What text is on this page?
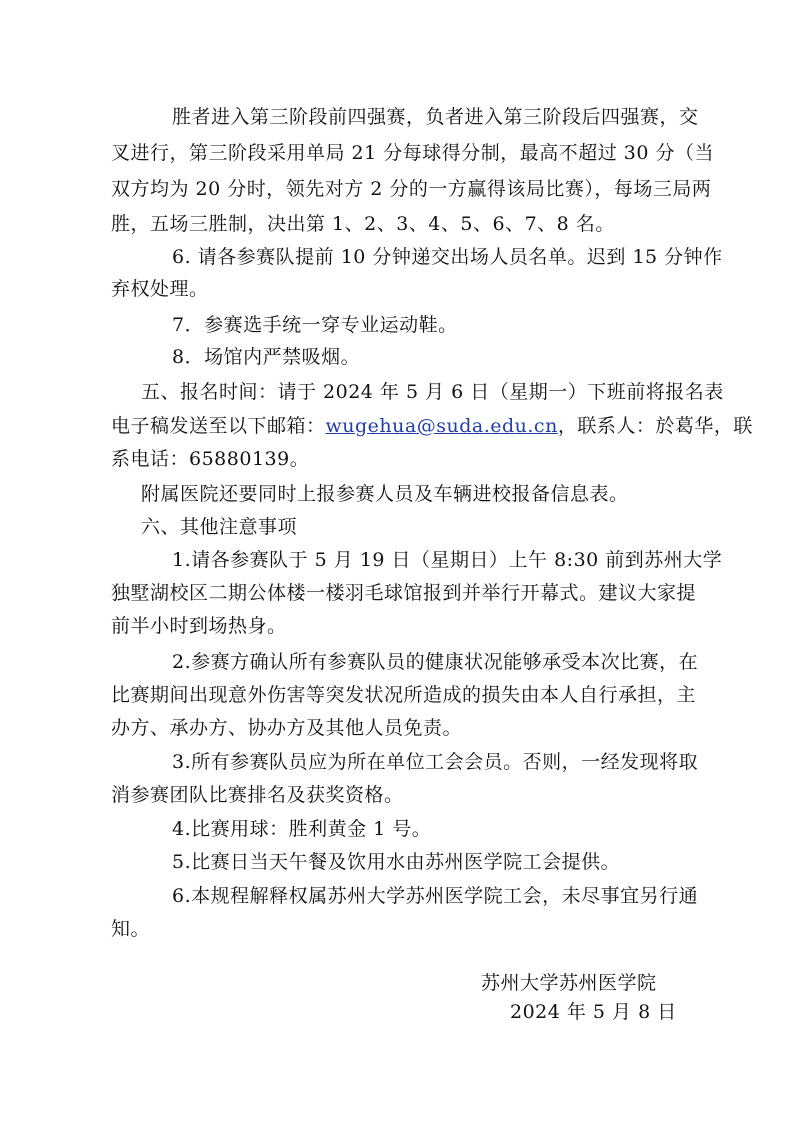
胜者进入第三阶段前四强赛，负者进入第三阶段后四强赛，交
叉进行，第三阶段采用单局 21 分每球得分制，最高不超过 30 分（当
双方均为 20 分时，领先对方 2 分的一方赢得该局比赛），每场三局两
胜，五场三胜制，决出第 1、2、3、4、5、6、7、8 名。
6. 请各参赛队提前 10 分钟递交出场人员名单。迟到 15 分钟作
弃权处理。
7．参赛选手统一穿专业运动鞋。
8．场馆内严禁吸烟。
五、报名时间：请于 2024 年 5 月 6 日（星期一）下班前将报名表
电子稿发送至以下邮箱：wugehua@suda.edu.cn，联系人：於葛华，联
系电话：65880139。
附属医院还要同时上报参赛人员及车辆进校报备信息表。
六、其他注意事项
1.请各参赛队于 5 月 19 日（星期日）上午 8:30 前到苏州大学
独墅湖校区二期公体楼一楼羽毛球馆报到并举行开幕式。建议大家提
前半小时到场热身。
2.参赛方确认所有参赛队员的健康状况能够承受本次比赛，在
比赛期间出现意外伤害等突发状况所造成的损失由本人自行承担，主
办方、承办方、协办方及其他人员免责。
3.所有参赛队员应为所在单位工会会员。否则，一经发现将取
消参赛团队比赛排名及获奖资格。
4.比赛用球：胜利黄金 1 号。
5.比赛日当天午餐及饮用水由苏州医学院工会提供。
6.本规程解释权属苏州大学苏州医学院工会，未尽事宜另行通
知。
苏州大学苏州医学院
2024 年 5 月 8 日
